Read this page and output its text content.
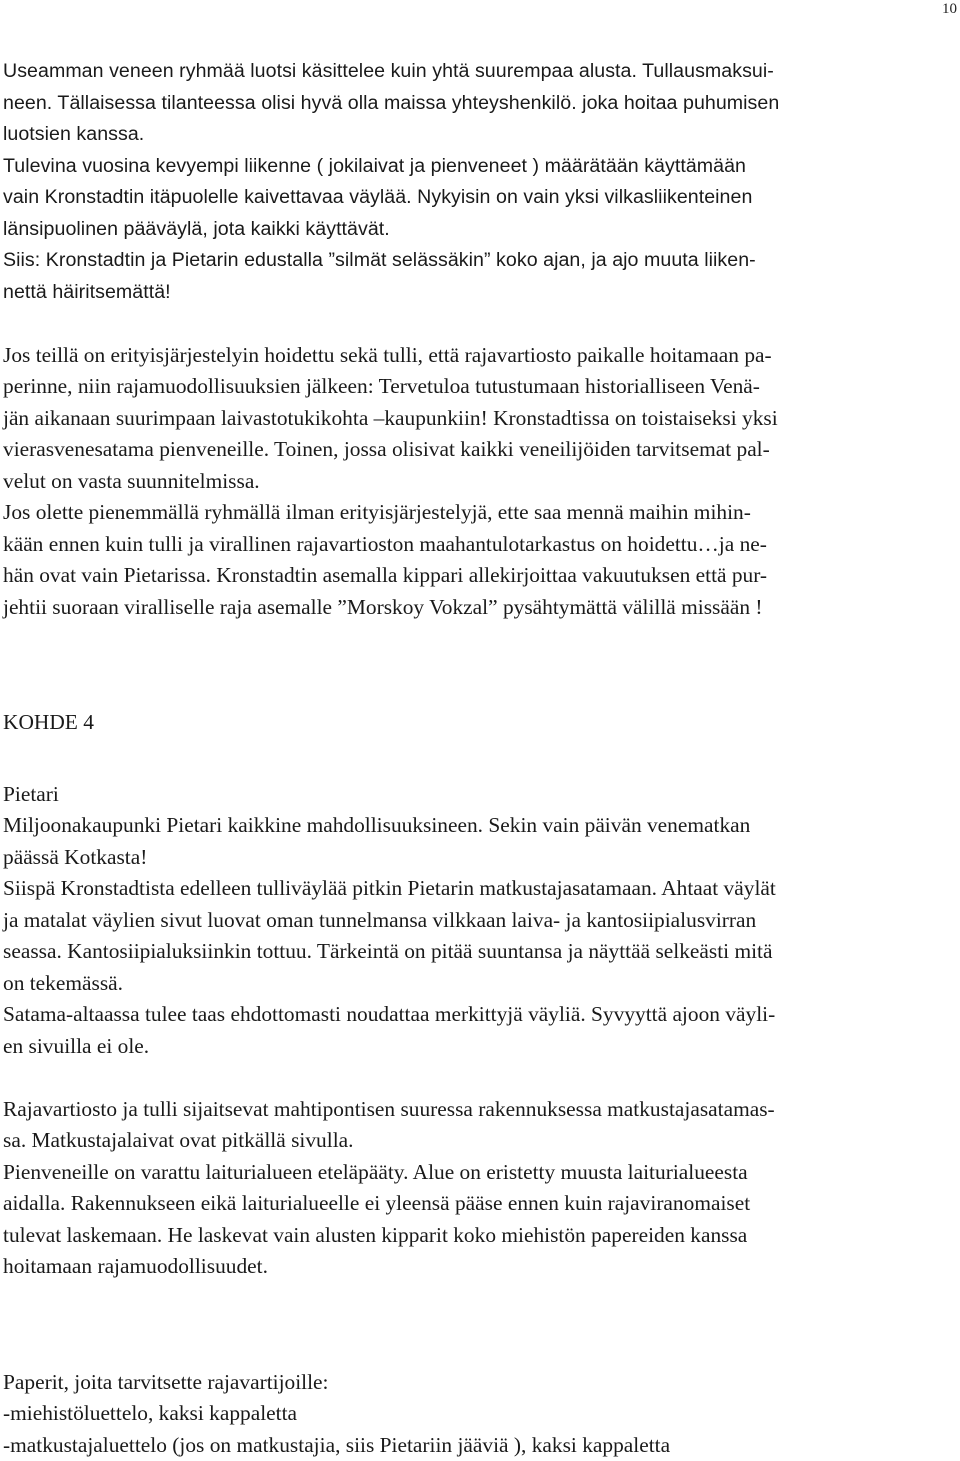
10
Useamman veneen ryhmää luotsi käsittelee kuin yhtä suurempaa alusta. Tullausmaksui-
neen. Tällaisessa tilanteessa olisi hyvä olla maissa yhteyshenkilö. joka hoitaa puhumisen
luotsien kanssa.
Tulevina vuosina kevyempi liikenne ( jokilaivat ja pienveneet ) määrätään käyttämään
vain Kronstadtin itäpuolelle kaivettavaa väylää. Nykyisin on vain yksi vilkasliikenteinen
länsipuolinen pääväylä, jota kaikki käyttävät.
Siis: Kronstadtin ja Pietarin edustalla ”silmät selässäkin” koko ajan, ja ajo muuta liiken-
nettä häiritsemättä!
Jos teillä on erityisjärjestelyin hoidettu sekä tulli, että rajavartiosto paikalle hoitamaan pa-
perinne, niin rajamuodollisuuksien jälkeen: Tervetuloa tutustumaan historialliseen Venä-
jän aikanaan suurimpaan laivastotukikohta –kaupunkiin! Kronstadtissa on toistaiseksi yksi
vierasvenesatama pienveneille. Toinen, jossa olisivat kaikki veneilijöiden tarvitsemat pal-
velut on vasta suunnitelmissa.
Jos olette pienemmällä ryhmällä ilman erityisjärjestelyjä, ette saa mennä maihin mihin-
kään ennen kuin tulli ja virallinen rajavartioston maahantulotarkastus on hoidettu…ja ne-
hän ovat vain Pietarissa. Kronstadtin asemalla kippari allekirjoittaa vakuutuksen että pur-
jehtii suoraan viralliselle raja asemalle ”Morskoy Vokzal” pysähtymättä välillä missään !
KOHDE 4
Pietari
Miljoonakaupunki Pietari kaikkine mahdollisuuksineen. Sekin vain päivän venematkan
päässä Kotkasta!
Siispä Kronstadtista edelleen tulliväylää pitkin Pietarin matkustajasatamaan. Ahtaat väylät
ja matalat väylien sivut luovat oman tunnelmansa vilkkaan laiva- ja kantosiipialusvirran
seassa. Kantosiipialuksiinkin tottuu. Tärkeintä on pitää suuntansa ja näyttää selkeästi mitä
on tekemässä.
Satama-altaassa tulee taas ehdottomasti noudattaa merkittyjä väyliä. Syvyyttä ajoon väyli-
en sivuilla ei ole.
Rajavartiosto ja tulli sijaitsevat mahtipontisen suuressa rakennuksessa matkustajasatamas-
sa. Matkustajalaivat ovat pitkällä sivulla.
Pienveneille on varattu laiturialueen eteläpääty. Alue on eristetty muusta laiturialueesta
aidalla. Rakennukseen eikä laiturialueelle ei yleensä pääse ennen kuin rajaviranomaiset
tulevat laskemaan. He laskevat vain alusten kipparit koko miehistön papereiden kanssa
hoitamaan rajamuodollisuudet.
Paperit, joita tarvitsette rajavartijoille:
-miehistöluettelo, kaksi kappaletta
-matkustajaluettelo (jos on matkustajia, siis Pietariin jääviä ), kaksi kappaletta
